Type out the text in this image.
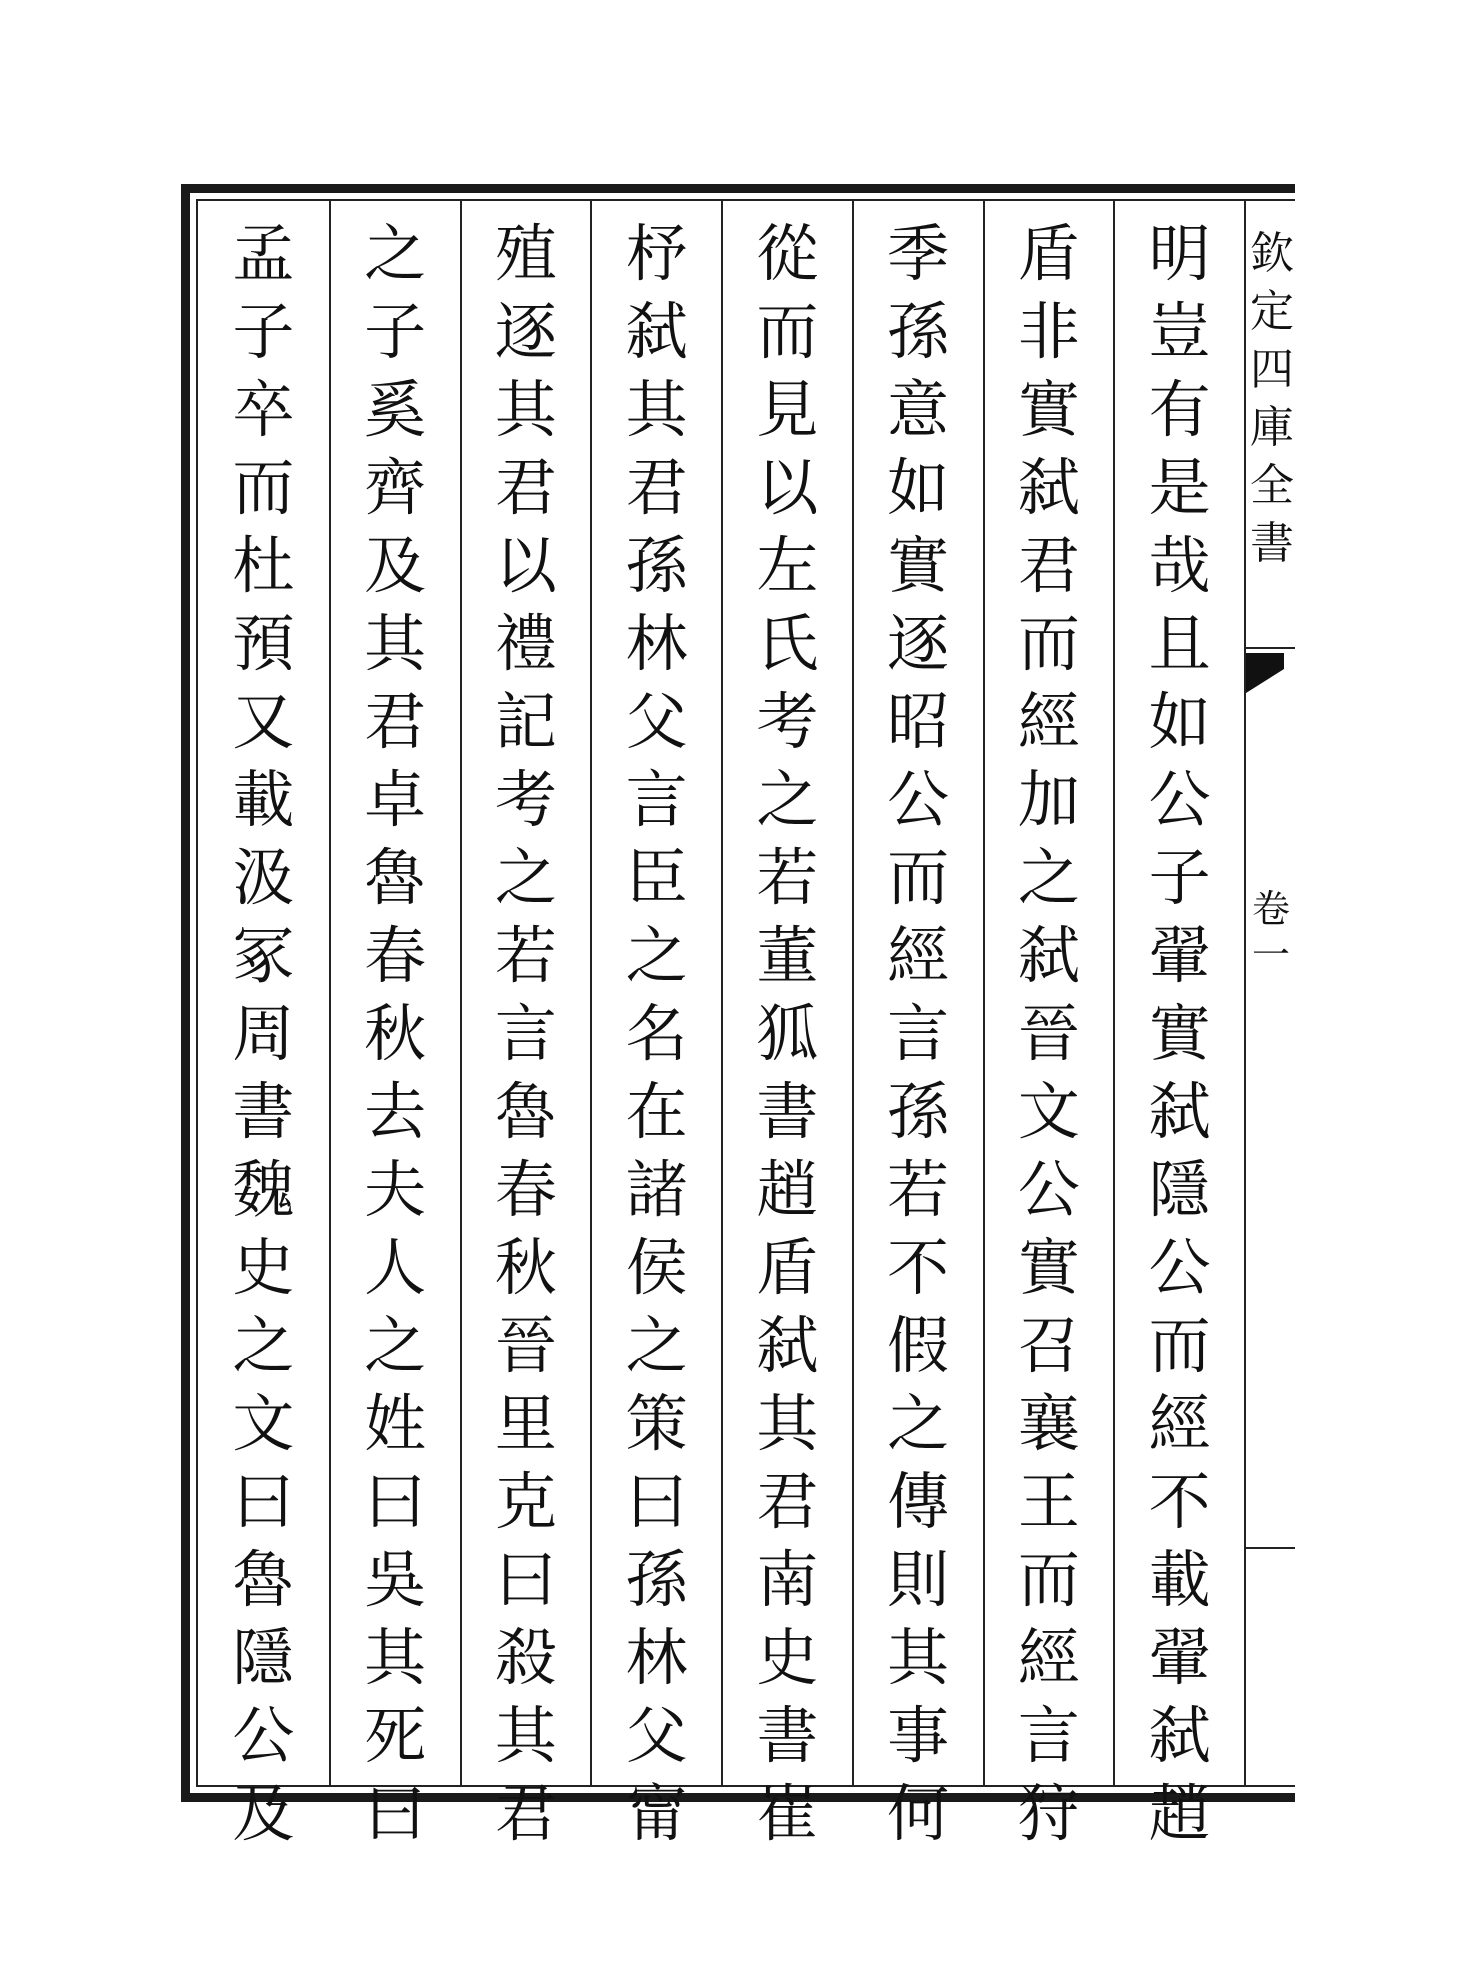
明豈有是哉且如公子翬實弑隱公而經不載翬弑趙
盾非實弑君而經加之弑晉文公實召襄王而經言狩
季孫意如實逐昭公而經言孫若不假之傳則其事何
從而見以左氏考之若董狐書趙盾弑其君南史書崔
杼弑其君孫林父言臣之名在諸侯之策曰孫林父甯
殖逐其君以禮記考之若言魯春秋晉里克曰殺其君
之子奚齊及其君卓魯春秋去夫人之姓曰吳其死曰
孟子卒而杜預又載汲冢周書魏史之文曰魯隱公及
欽定四庫全書
卷一
